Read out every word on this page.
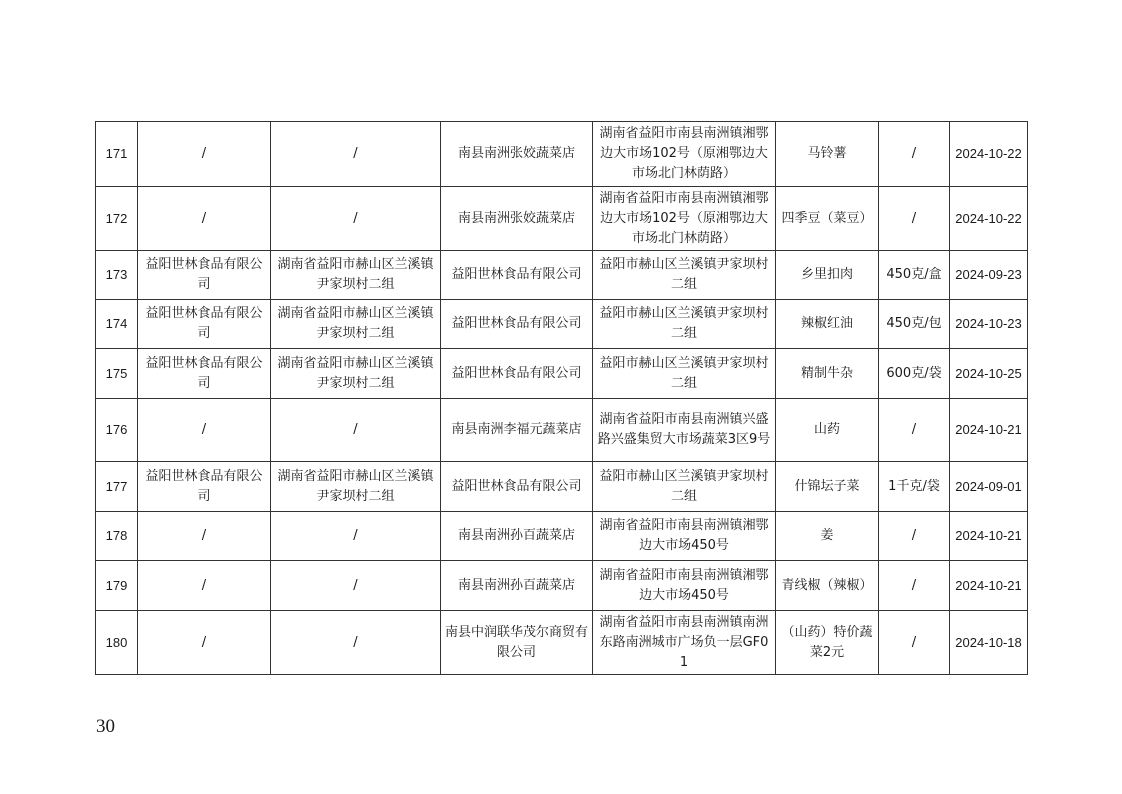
171	/	/	南县南洲张姣蔬菜店	湖南省益阳市南县南洲镇湘鄂边大市场102号（原湘鄂边大市场北门林荫路）	马铃薯	/	2024-10-22
172	/	/	南县南洲张姣蔬菜店	湖南省益阳市南县南洲镇湘鄂边大市场102号（原湘鄂边大市场北门林荫路）	四季豆（菜豆）	/	2024-10-22
173	益阳世林食品有限公司	湖南省益阳市赫山区兰溪镇尹家坝村二组	益阳世林食品有限公司	益阳市赫山区兰溪镇尹家坝村二组	乡里扣肉	450克/盒	2024-09-23
174	益阳世林食品有限公司	湖南省益阳市赫山区兰溪镇尹家坝村二组	益阳世林食品有限公司	益阳市赫山区兰溪镇尹家坝村二组	辣椒红油	450克/包	2024-10-23
175	益阳世林食品有限公司	湖南省益阳市赫山区兰溪镇尹家坝村二组	益阳世林食品有限公司	益阳市赫山区兰溪镇尹家坝村二组	精制牛杂	600克/袋	2024-10-25
176	/	/	南县南洲李福元蔬菜店	湖南省益阳市南县南洲镇兴盛路兴盛集贸大市场蔬菜3区9号	山药	/	2024-10-21
177	益阳世林食品有限公司	湖南省益阳市赫山区兰溪镇尹家坝村二组	益阳世林食品有限公司	益阳市赫山区兰溪镇尹家坝村二组	什锦坛子菜	1千克/袋	2024-09-01
178	/	/	南县南洲孙百蔬菜店	湖南省益阳市南县南洲镇湘鄂边大市场450号	姜	/	2024-10-21
179	/	/	南县南洲孙百蔬菜店	湖南省益阳市南县南洲镇湘鄂边大市场450号	青线椒（辣椒）	/	2024-10-21
180	/	/	南县中润联华茂尔商贸有限公司	湖南省益阳市南县南洲镇南洲东路南洲城市广场负一层GF01	（山药）特价蔬菜2元	/	2024-10-18
30
